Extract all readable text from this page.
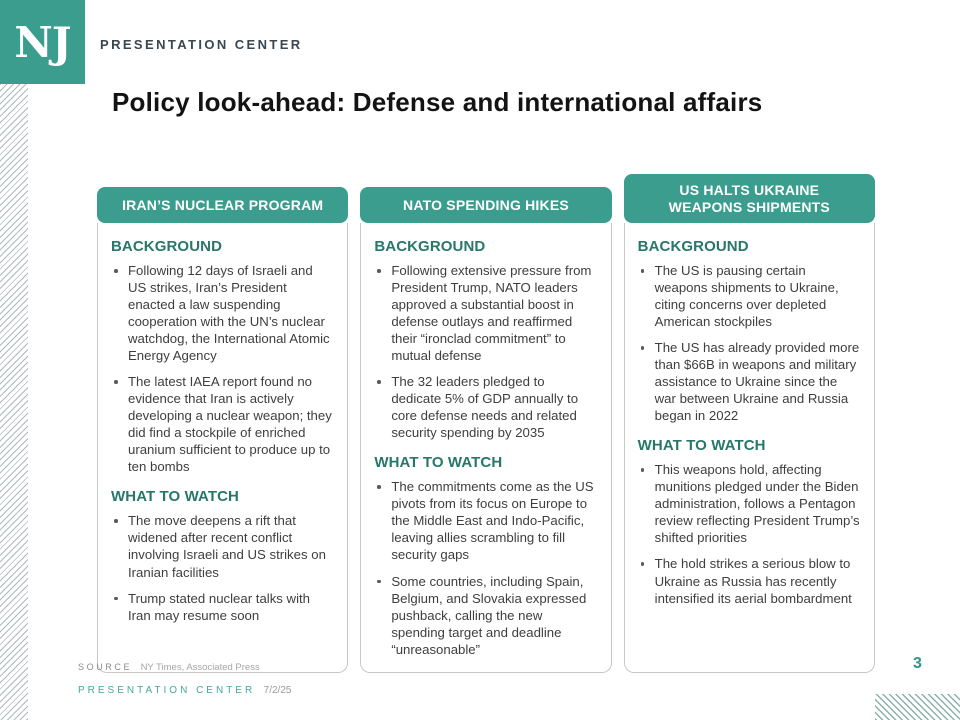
NJ PRESENTATION CENTER
Policy look-ahead: Defense and international affairs
IRAN’S NUCLEAR PROGRAM
BACKGROUND
Following 12 days of Israeli and US strikes, Iran’s President enacted a law suspending cooperation with the UN’s nuclear watchdog, the International Atomic Energy Agency
The latest IAEA report found no evidence that Iran is actively developing a nuclear weapon; they did find a stockpile of enriched uranium sufficient to produce up to ten bombs
WHAT TO WATCH
The move deepens a rift that widened after recent conflict involving Israeli and US strikes on Iranian facilities
Trump stated nuclear talks with Iran may resume soon
NATO SPENDING HIKES
BACKGROUND
Following extensive pressure from President Trump, NATO leaders approved a substantial boost in defense outlays and reaffirmed their “ironclad commitment” to mutual defense
The 32 leaders pledged to dedicate 5% of GDP annually to core defense needs and related security spending by 2035
WHAT TO WATCH
The commitments come as the US pivots from its focus on Europe to the Middle East and Indo-Pacific, leaving allies scrambling to fill security gaps
Some countries, including Spain, Belgium, and Slovakia expressed pushback, calling the new spending target and deadline “unreasonable”
US HALTS UKRAINE WEAPONS SHIPMENTS
BACKGROUND
The US is pausing certain weapons shipments to Ukraine, citing concerns over depleted American stockpiles
The US has already provided more than $66B in weapons and military assistance to Ukraine since the war between Ukraine and Russia began in 2022
WHAT TO WATCH
This weapons hold, affecting munitions pledged under the Biden administration, follows a Pentagon review reflecting President Trump’s shifted priorities
The hold strikes a serious blow to Ukraine as Russia has recently intensified its aerial bombardment
SOURCE NY Times, Associated Press
PRESENTATION CENTER 7/2/25
3
